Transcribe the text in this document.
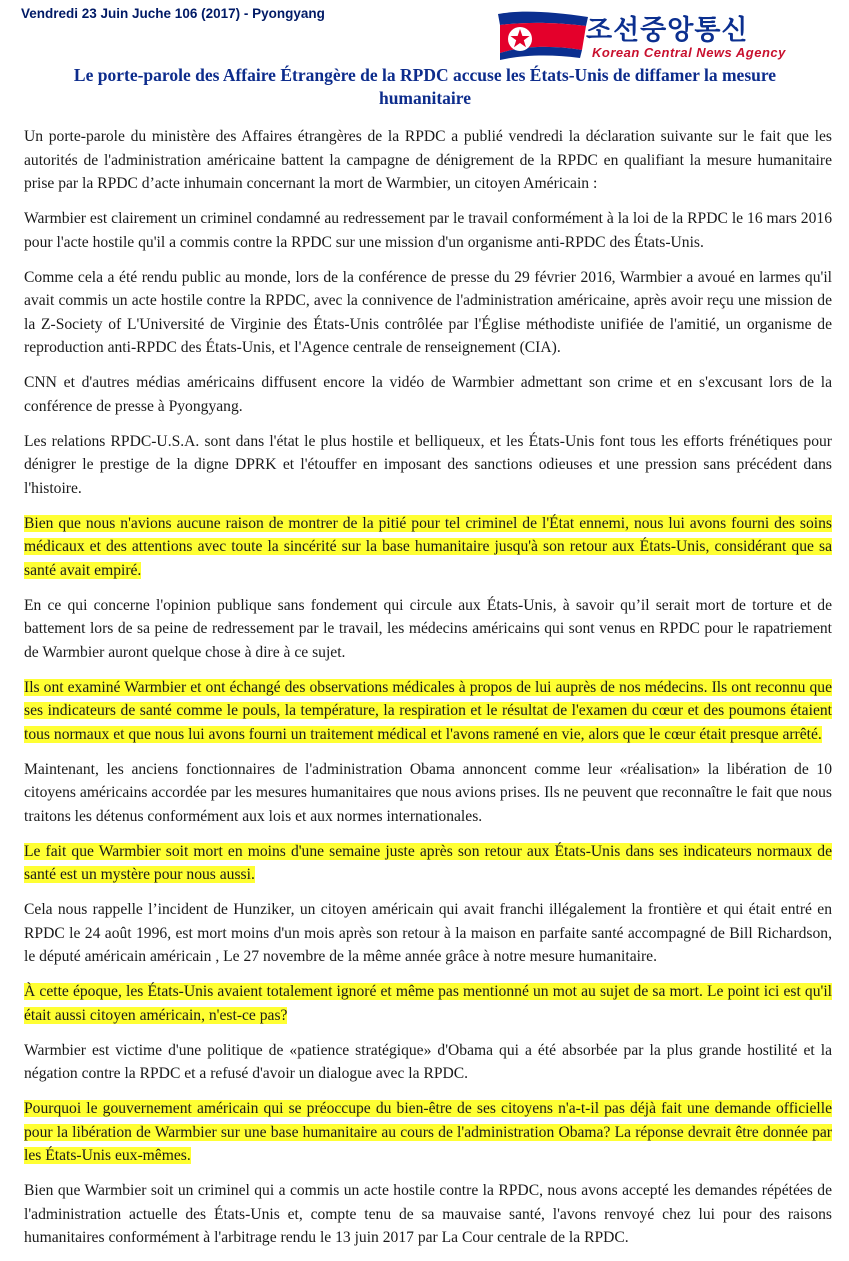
Vendredi 23 Juin Juche 106 (2017) - Pyongyang
조선중앙통신
Korean Central News Agency
Le porte-parole des Affaire Étrangère de la RPDC accuse les États-Unis de diffamer la mesure humanitaire

Un porte-parole du ministère des Affaires étrangères de la RPDC a publié vendredi la déclaration suivante sur le fait que les autorités de l'administration américaine battent la campagne de dénigrement de la RPDC en qualifiant la mesure humanitaire prise par la RPDC d’acte inhumain concernant la mort de Warmbier, un citoyen Américain :

Warmbier est clairement un criminel condamné au redressement par le travail conformément à la loi de la RPDC le 16 mars 2016 pour l'acte hostile qu'il a commis contre la RPDC sur une mission d'un organisme anti-RPDC des États-Unis.

Comme cela a été rendu public au monde, lors de la conférence de presse du 29 février 2016, Warmbier a avoué en larmes qu'il avait commis un acte hostile contre la RPDC, avec la connivence de l'administration américaine, après avoir reçu une mission de la Z-Society of L'Université de Virginie des États-Unis contrôlée par l'Église méthodiste unifiée de l'amitié, un organisme de reproduction anti-RPDC des États-Unis, et l'Agence centrale de renseignement (CIA).

CNN et d'autres médias américains diffusent encore la vidéo de Warmbier admettant son crime et en s'excusant lors de la conférence de presse à Pyongyang.

Les relations RPDC-U.S.A. sont dans l'état le plus hostile et belliqueux, et les États-Unis font tous les efforts frénétiques pour dénigrer le prestige de la digne DPRK et l'étouffer en imposant des sanctions odieuses et une pression sans précédent dans l'histoire.

Bien que nous n'avions aucune raison de montrer de la pitié pour tel criminel de l'État ennemi, nous lui avons fourni des soins médicaux et des attentions avec toute la sincérité sur la base humanitaire jusqu'à son retour aux États-Unis, considérant que sa santé avait empiré.

En ce qui concerne l'opinion publique sans fondement qui circule aux États-Unis, à savoir qu’il serait mort de torture et de battement lors de sa peine de redressement par le travail, les médecins américains qui sont venus en RPDC pour le rapatriement de Warmbier auront quelque chose à dire à ce sujet.

Ils ont examiné Warmbier et ont échangé des observations médicales à propos de lui auprès de nos médecins. Ils ont reconnu que ses indicateurs de santé comme le pouls, la température, la respiration et le résultat de l'examen du cœur et des poumons étaient tous normaux et que nous lui avons fourni un traitement médical et l'avons ramené en vie, alors que le cœur était presque arrêté.

Maintenant, les anciens fonctionnaires de l'administration Obama annoncent comme leur «réalisation» la libération de 10 citoyens américains accordée par les mesures humanitaires que nous avions prises. Ils ne peuvent que reconnaître le fait que nous traitons les détenus conformément aux lois et aux normes internationales.

Le fait que Warmbier soit mort en moins d'une semaine juste après son retour aux États-Unis dans ses indicateurs normaux de santé est un mystère pour nous aussi.

Cela nous rappelle l’incident de Hunziker, un citoyen américain qui avait franchi illégalement la frontière et qui était entré en RPDC le 24 août 1996, est mort moins d'un mois après son retour à la maison en parfaite santé accompagné de Bill Richardson, le député américain américain , Le 27 novembre de la même année grâce à notre mesure humanitaire.

À cette époque, les États-Unis avaient totalement ignoré et même pas mentionné un mot au sujet de sa mort. Le point ici est qu'il était aussi citoyen américain, n'est-ce pas?

Warmbier est victime d'une politique de «patience stratégique» d'Obama qui a été absorbée par la plus grande hostilité et la négation contre la RPDC et a refusé d'avoir un dialogue avec la RPDC.

Pourquoi le gouvernement américain qui se préoccupe du bien-être de ses citoyens n'a-t-il pas déjà fait une demande officielle pour la libération de Warmbier sur une base humanitaire au cours de l'administration Obama? La réponse devrait être donnée par les États-Unis eux-mêmes.

Bien que Warmbier soit un criminel qui a commis un acte hostile contre la RPDC, nous avons accepté les demandes répétées de l'administration actuelle des États-Unis et, compte tenu de sa mauvaise santé, l'avons renvoyé chez lui pour des raisons humanitaires conformément à l'arbitrage rendu le 13 juin 2017 par La Cour centrale de la RPDC.
